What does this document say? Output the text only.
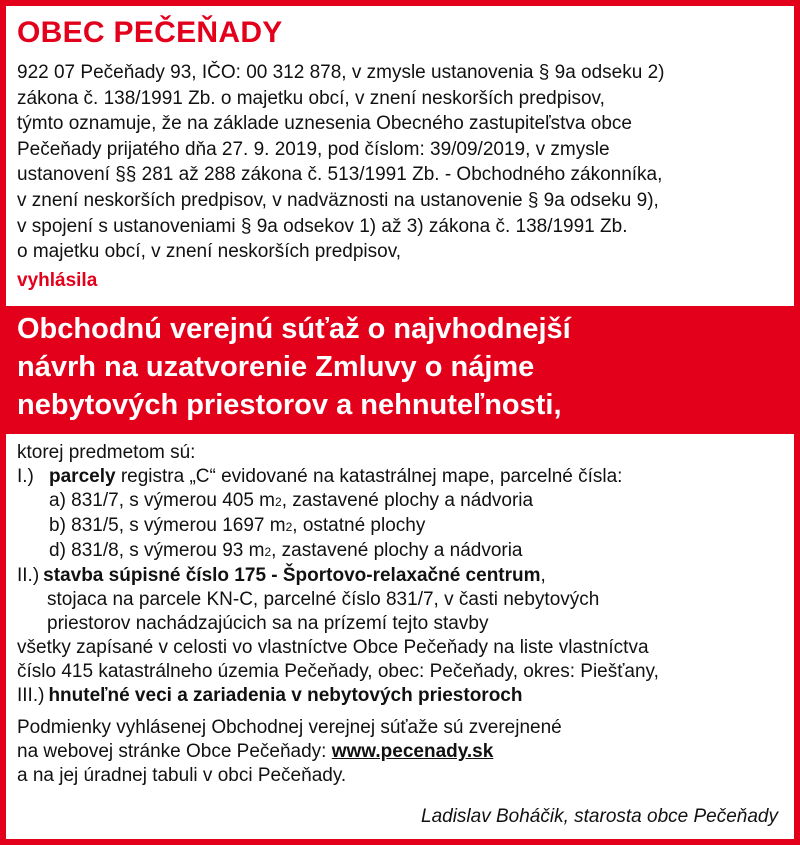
OBEC PEČEŇADY
922 07 Pečeňady 93, IČO: 00 312 878, v zmysle ustanovenia § 9a odseku 2)
zákona č. 138/1991 Zb. o majetku obcí, v znení neskorších predpisov,
týmto oznamuje, že na základe uznesenia Obecného zastupiteľstva obce
Pečeňady prijatého dňa 27. 9. 2019, pod číslom: 39/09/2019, v zmysle
ustanovení §§ 281 až 288 zákona č. 513/1991 Zb. - Obchodného zákonníka,
v znení neskorších predpisov, v nadväznosti na ustanovenie § 9a odseku 9),
v spojení s ustanoveniami § 9a odsekov 1) až 3) zákona č. 138/1991 Zb.
o majetku obcí, v znení neskorších predpisov,
vyhlásila
Obchodnú verejnú súťaž o najvhodnejší
návrh na uzatvorenie Zmluvy o nájme
nebytových priestorov a nehnuteľnosti,
ktorej predmetom sú:
I.) parcely registra „C“ evidované na katastrálnej mape, parcelné čísla:
a) 831/7, s výmerou 405 m2, zastavené plochy a nádvoria
b) 831/5, s výmerou 1697 m2, ostatné plochy
d) 831/8, s výmerou 93 m2, zastavené plochy a nádvoria
II.) stavba súpisné číslo 175 - Športovo-relaxačné centrum,
stojaca na parcele KN-C, parcelné číslo 831/7, v časti nebytových
priestorov nachádzajúcich sa na prízemí tejto stavby
všetky zapísané v celosti vo vlastníctve Obce Pečeňady na liste vlastníctva
číslo 415 katastrálneho územia Pečeňady, obec: Pečeňady, okres: Piešťany,
III.) hnuteľné veci a zariadenia v nebytových priestoroch
Podmienky vyhlásenej Obchodnej verejnej súťaže sú zverejnené
na webovej stránke Obce Pečeňady: www.pecenady.sk
a na jej úradnej tabuli v obci Pečeňady.
Ladislav Boháčik, starosta obce Pečeňady
